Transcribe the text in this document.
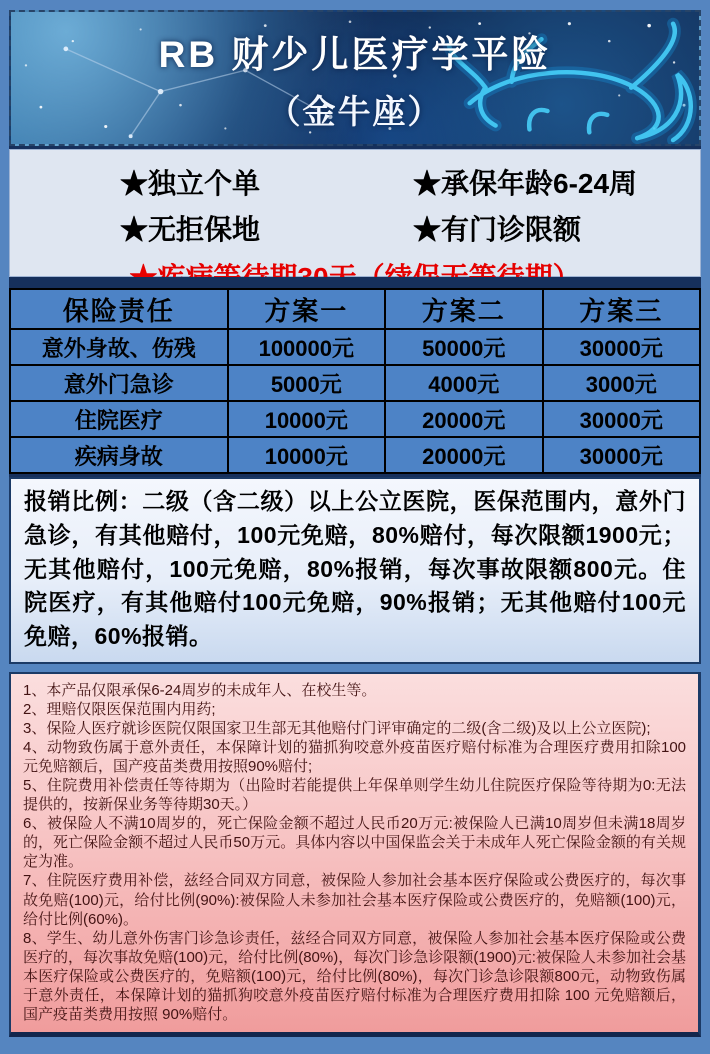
RB 财少儿医疗学平险
（金牛座）
★独立个单	★承保年龄6-24周
★无拒保地	★有门诊限额
保险责任	方案一	方案二	方案三
意外身故、伤残	100000元	50000元	30000元
意外门急诊	5000元	4000元	3000元
住院医疗	10000元	20000元	30000元
疾病身故	10000元	20000元	30000元

报销比例：二级（含二级）以上公立医院，医保范围内，意外门急诊，有其他赔付，100元免赔，80%赔付，每次限额1900元；无其他赔付，100元免赔，80%报销，每次事故限额800元。住院医疗，有其他赔付100元免赔，90%报销；无其他赔付100元免赔，60%报销。

1、本产品仅限承保6-24周岁的未成年人、在校生等。
2、理赔仅限医保范围内用药;
3、保险人医疗就诊医院仅限国家卫生部无其他赔付门评审确定的二级(含二级)及以上公立医院);
4、动物致伤属于意外责任，本保障计划的猫抓狗咬意外疫苗医疗赔付标准为合理医疗费用扣除100元免赔额后，国产疫苗类费用按照90%赔付;
5、住院费用补偿责任等待期为（出险时若能提供上年保单则学生幼儿住院医疗保险等待期为0:无法提供的，按新保业务等待期30天。）
6、被保险人不满10周岁的，死亡保险金额不超过人民币20万元:被保险人已满10周岁但未满18周岁的，死亡保险金额不超过人民币50万元。具体内容以中国保监会关于未成年人死亡保险金额的有关规定为准。
7、住院医疗费用补偿，兹经合同双方同意，被保险人参加社会基本医疗保险或公费医疗的，每次事故免赔(100)元，给付比例(90%):被保险人未参加社会基本医疗保险或公费医疗的，免赔额(100)元，给付比例(60%)。
8、学生、幼儿意外伤害门诊急诊责任，兹经合同双方同意，被保险人参加社会基本医疗保险或公费医疗的，每次事故免赔(100)元，给付比例(80%)，每次门诊急诊限额(1900)元:被保险人未参加社会基本医疗保险或公费医疗的，免赔额(100)元，给付比例(80%)，每次门诊急诊限额800元，动物致伤属于意外责任，本保障计划的猫抓狗咬意外疫苗医疗赔付标准为合理医疗费用扣除 100 元免赔额后，国产疫苗类费用按照 90%赔付。
